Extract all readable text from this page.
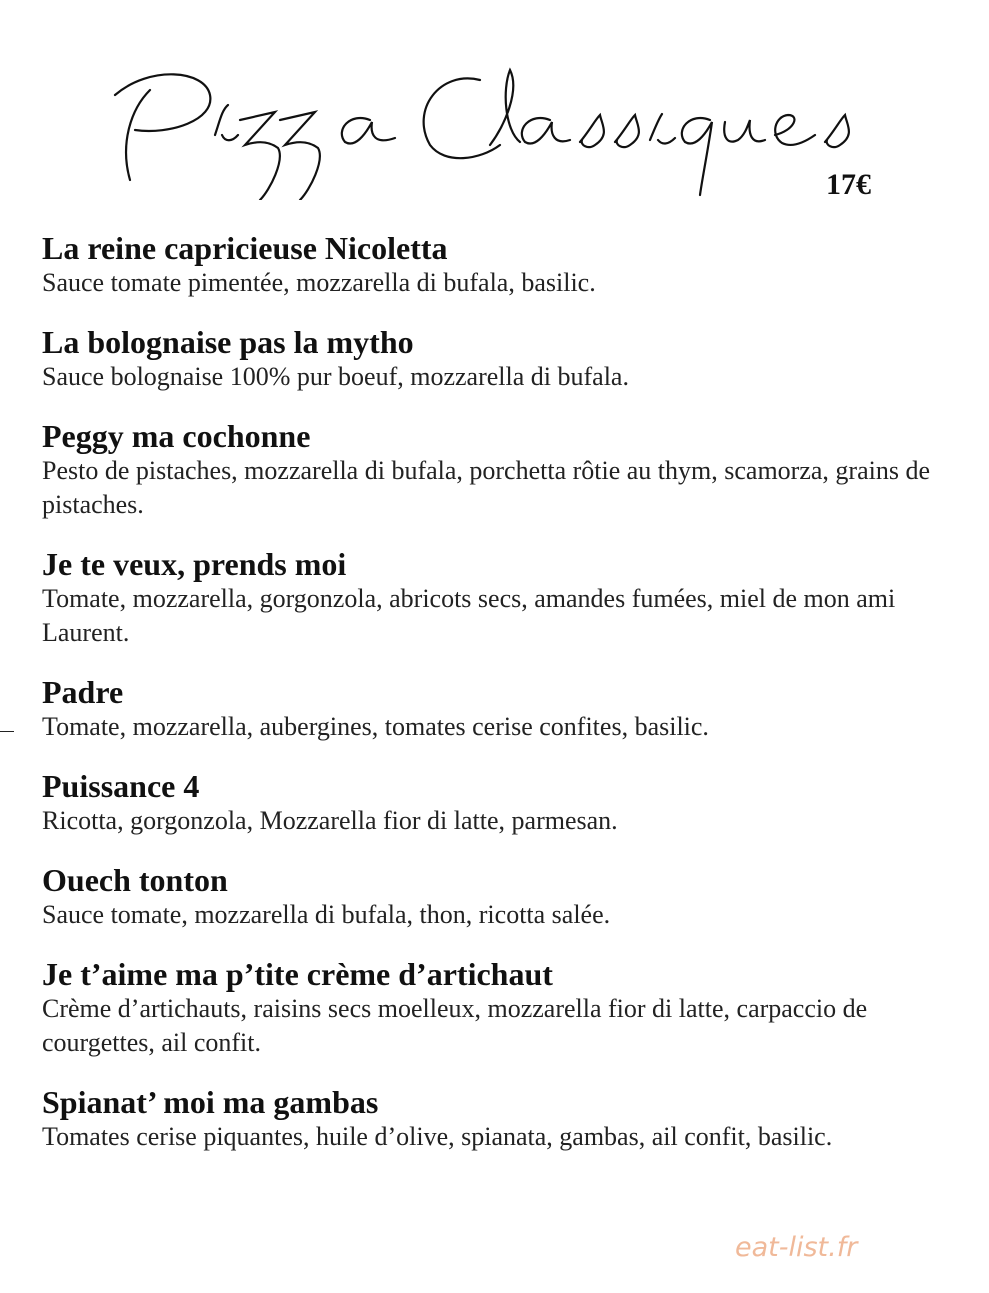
17€
La reine capricieuse Nicoletta
Sauce tomate pimentée, mozzarella di bufala, basilic.
La bolognaise pas la mytho
Sauce bolognaise 100% pur boeuf, mozzarella di bufala.
Peggy ma cochonne
Pesto de pistaches, mozzarella di bufala, porchetta rôtie au thym, scamorza, grains de pistaches.
Je te veux, prends moi
Tomate, mozzarella, gorgonzola, abricots secs, amandes fumées, miel de mon ami Laurent.
Padre
Tomate, mozzarella, aubergines, tomates cerise confites, basilic.
Puissance 4
Ricotta, gorgonzola, Mozzarella fior di latte, parmesan.
Ouech tonton
Sauce tomate, mozzarella di bufala, thon, ricotta salée.
Je t’aime ma p’tite crème d’artichaut
Crème d’artichauts, raisins secs moelleux, mozzarella fior di latte, carpaccio de courgettes, ail confit.
Spianat’ moi ma gambas
Tomates cerise piquantes, huile d’olive, spianata, gambas, ail confit, basilic.
eat-list.fr
